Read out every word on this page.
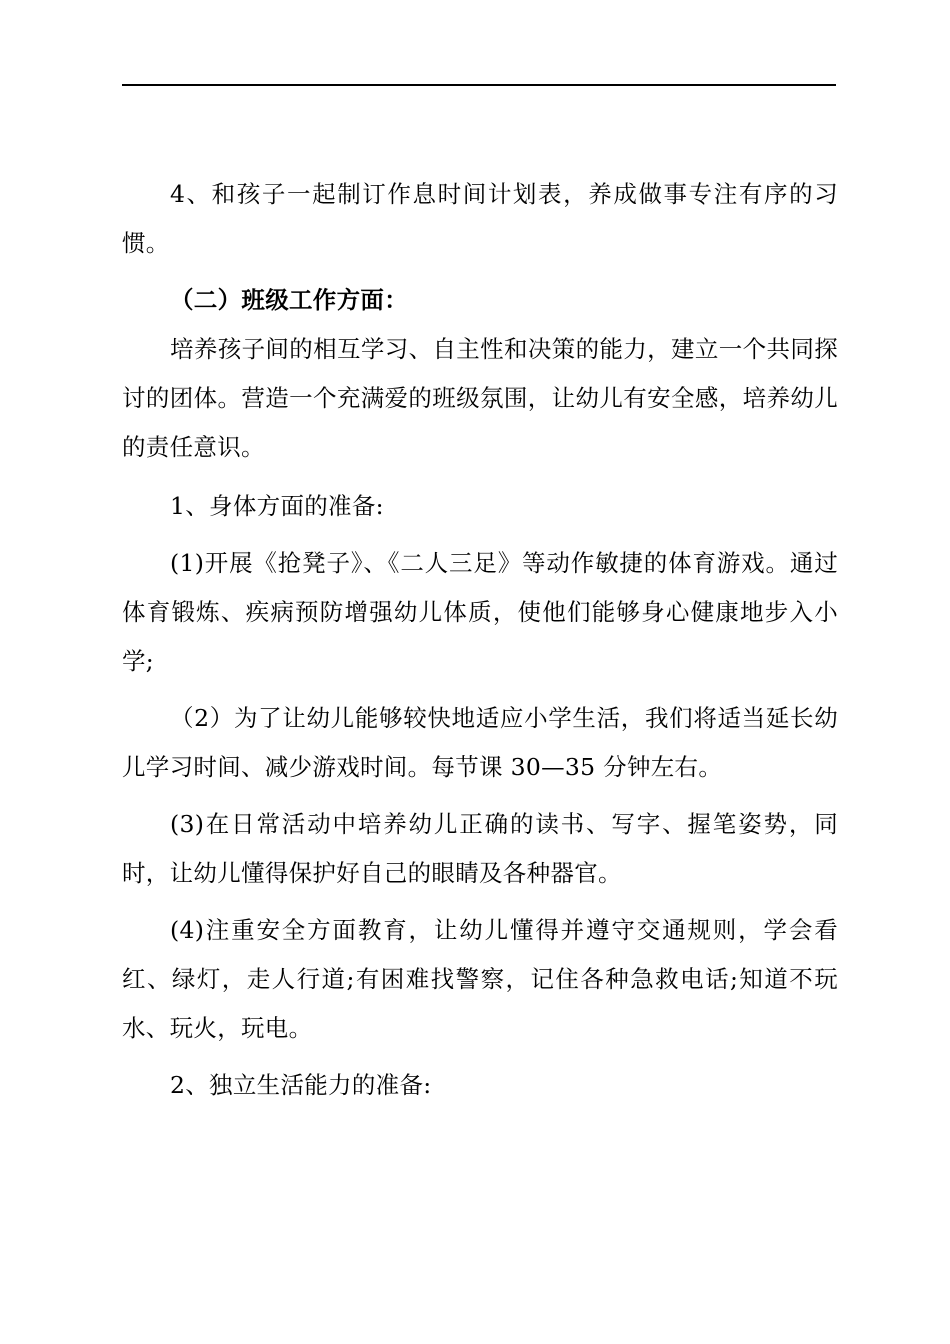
4、和孩子一起制订作息时间计划表，养成做事专注有序的习惯。

（二）班级工作方面：

培养孩子间的相互学习、自主性和决策的能力，建立一个共同探讨的团体。营造一个充满爱的班级氛围，让幼儿有安全感，培养幼儿的责任意识。

1、身体方面的准备:

(1)开展《抢凳子》、《二人三足》等动作敏捷的体育游戏。通过体育锻炼、疾病预防增强幼儿体质，使他们能够身心健康地步入小学;

（2）为了让幼儿能够较快地适应小学生活，我们将适当延长幼儿学习时间、减少游戏时间。每节课 30—35 分钟左右。

(3)在日常活动中培养幼儿正确的读书、写字、握笔姿势，同时，让幼儿懂得保护好自己的眼睛及各种器官。

(4)注重安全方面教育，让幼儿懂得并遵守交通规则，学会看红、绿灯，走人行道;有困难找警察，记住各种急救电话;知道不玩水、玩火，玩电。

2、独立生活能力的准备:
